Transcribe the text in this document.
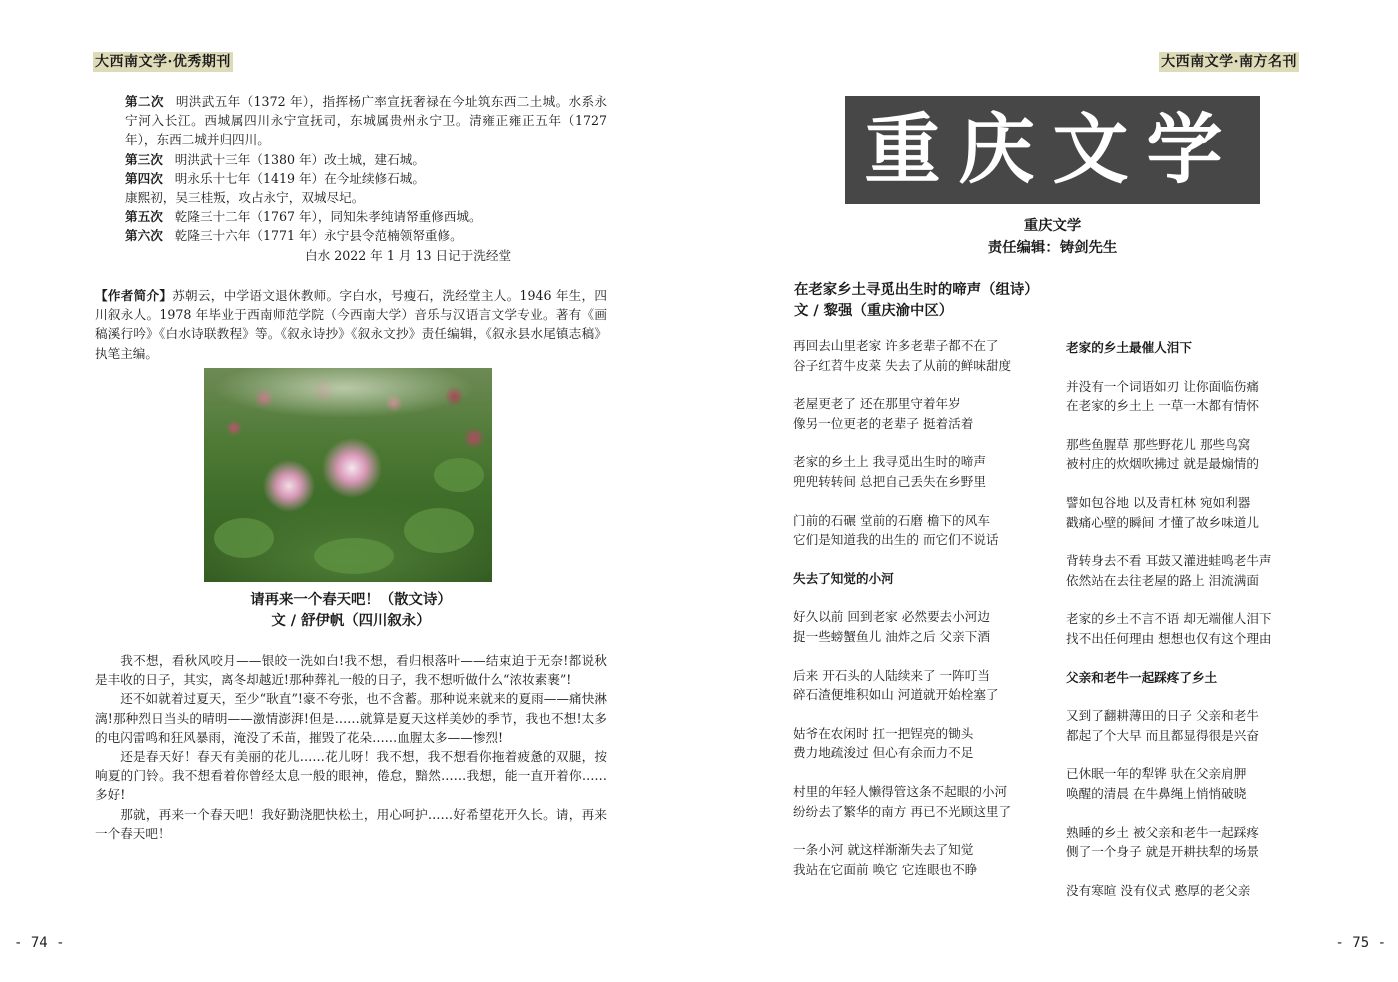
大西南文学·优秀期刊

第二次 明洪武五年（1372 年），指挥杨广率宣抚奢禄在今址筑东西二土城。水系永宁河入长江。西城属四川永宁宣抚司，东城属贵州永宁卫。清雍正雍正五年（1727 年），东西二城并归四川。

第三次 明洪武十三年（1380 年）改土城，建石城。

第四次 明永乐十七年（1419 年）在今址续修石城。

康熙初，吴三桂叛，攻占永宁，双城尽圮。

第五次 乾隆三十二年（1767 年），同知朱孝纯请帑重修西城。

第六次 乾隆三十六年（1771 年）永宁县令范楠领帑重修。

白水 2022 年 1 月 13 日记于洗经堂

【作者简介】苏朝云，中学语文退休教师。字白水，号瘦石，洗经堂主人。1946 年生，四川叙永人。1978 年毕业于西南师范学院（今西南大学）音乐与汉语言文学专业。著有《画稿溪行吟》《白水诗联教程》等。《叙永诗抄》《叙永文抄》责任编辑，《叙永县水尾镇志稿》执笔主编。
请再来一个春天吧！（散文诗）
文 / 舒伊帆（四川叙永）

我不想，看秋风咬月——银皎一洗如白!我不想，看归根落叶——结束迫于无奈!都说秋是丰收的日子，其实，离冬却越近!那种葬礼一般的日子，我不想听做什么“浓妆素裹”!

还不如就着过夏天，至少“耿直”!豪不夸张，也不含蓄。那种说来就来的夏雨——痛快淋漓!那种烈日当头的晴明——激情澎湃!但是……就算是夏天这样美妙的季节，我也不想!太多的电闪雷鸣和狂风暴雨，淹没了禾苗，摧毁了花朵……血腥太多——惨烈!

还是春天好！春天有美丽的花儿……花儿呀！我不想，我不想看你拖着疲惫的双腿，按响夏的门铃。我不想看着你曾经太息一般的眼神，倦怠，黯然……我想，能一直开着你……多好!

那就，再来一个春天吧！我好勤浇肥快松土，用心呵护……好希望花开久长。请，再来一个春天吧！

- 74 -
大西南文学·南方名刊
- 75 -
重庆文学
重庆文学
责任编辑：铸剑先生
在老家乡土寻觅出生时的啼声（组诗）
文 / 黎强（重庆渝中区）
再回去山里老家 许多老辈子都不在了
谷子红苕牛皮菜 失去了从前的鲜味甜度
老屋更老了 还在那里守着年岁
像另一位更老的老辈子 挺着活着
老家的乡土上 我寻觅出生时的啼声
兜兜转转间 总把自己丢失在乡野里
门前的石碾 堂前的石磨 檐下的风车
它们是知道我的出生的 而它们不说话
失去了知觉的小河
好久以前 回到老家 必然要去小河边
捉一些螃蟹鱼儿 油炸之后 父亲下酒
后来 开石头的人陆续来了 一阵叮当
碎石渣便堆积如山 河道就开始栓塞了
姑爷在农闲时 扛一把锃亮的锄头
费力地疏浚过 但心有余而力不足
村里的年轻人懒得管这条不起眼的小河
纷纷去了繁华的南方 再已不光顾这里了
一条小河 就这样渐渐失去了知觉
我站在它面前 唤它 它连眼也不睁
老家的乡土最催人泪下
并没有一个词语如刃 让你面临伤痛
在老家的乡土上 一草一木都有情怀
那些鱼腥草 那些野花儿 那些鸟窝
被村庄的炊烟吹拂过 就是最煽情的
譬如包谷地 以及青杠林 宛如利器
戳痛心壁的瞬间 才懂了故乡味道儿
背转身去不看 耳鼓又灌进蛙鸣老牛声
依然站在去往老屋的路上 泪流满面
老家的乡土不言不语 却无端催人泪下
找不出任何理由 想想也仅有这个理由
父亲和老牛一起踩疼了乡土
又到了翻耕薄田的日子 父亲和老牛
都起了个大早 而且都显得很是兴奋
已休眠一年的犁铧 驮在父亲肩胛
唤醒的清晨 在牛鼻绳上悄悄破晓
熟睡的乡土 被父亲和老牛一起踩疼
侧了一个身子 就是开耕扶犁的场景
没有寒暄 没有仪式 憨厚的老父亲
